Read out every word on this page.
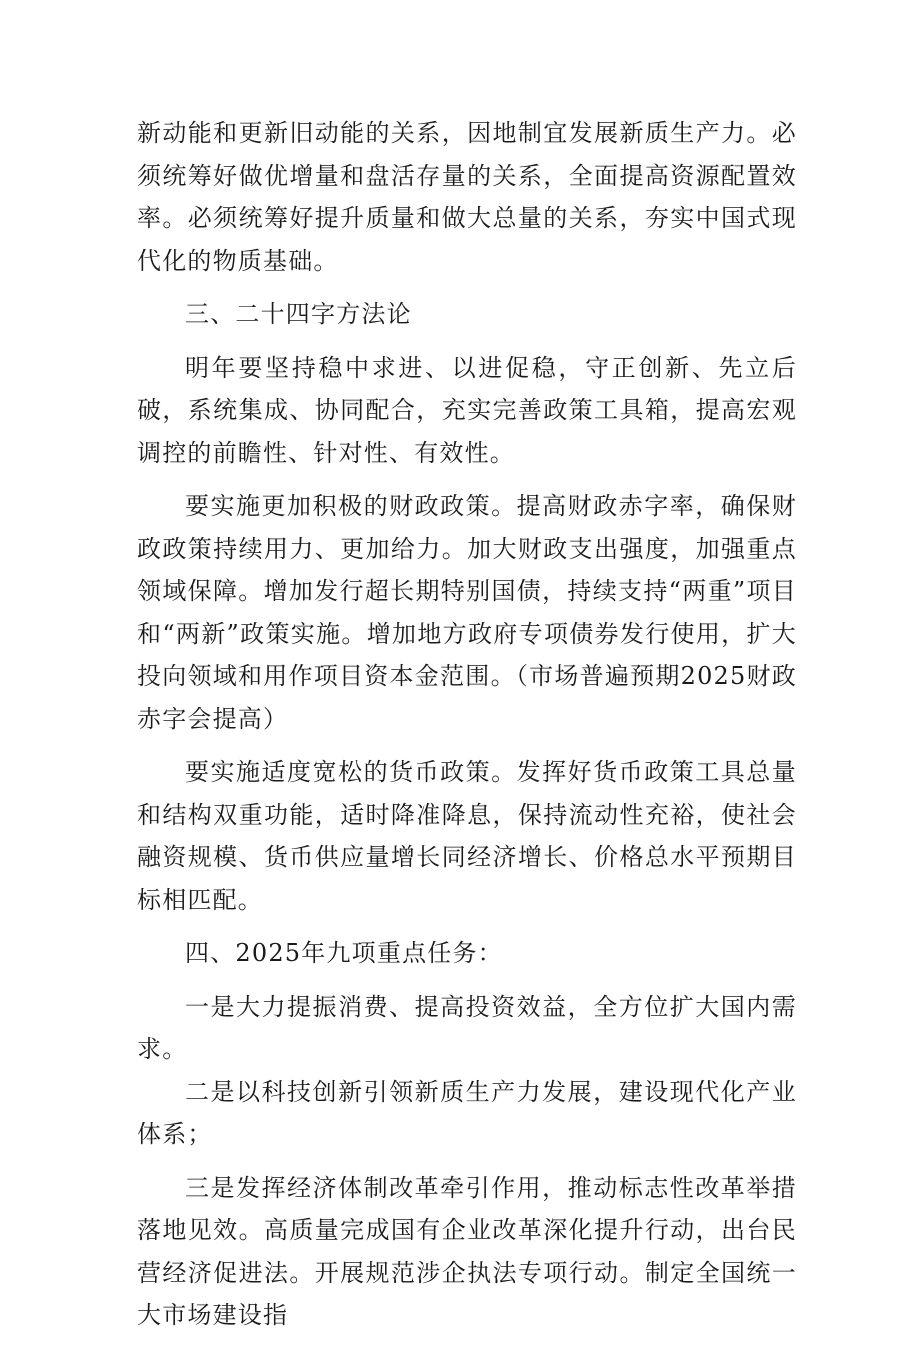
新动能和更新旧动能的关系，因地制宜发展新质生产力。必须统筹好做优增量和盘活存量的关系，全面提高资源配置效率。必须统筹好提升质量和做大总量的关系，夯实中国式现代化的物质基础。

三、二十四字方法论

明年要坚持稳中求进、以进促稳，守正创新、先立后破，系统集成、协同配合，充实完善政策工具箱，提高宏观调控的前瞻性、针对性、有效性。

要实施更加积极的财政政策。提高财政赤字率，确保财政政策持续用力、更加给力。加大财政支出强度，加强重点领域保障。增加发行超长期特别国债，持续支持“两重”项目和“两新”政策实施。增加地方政府专项债券发行使用，扩大投向领域和用作项目资本金范围。（市场普遍预期2025财政赤字会提高）

要实施适度宽松的货币政策。发挥好货币政策工具总量和结构双重功能，适时降准降息，保持流动性充裕，使社会融资规模、货币供应量增长同经济增长、价格总水平预期目标相匹配。

四、2025年九项重点任务：

一是大力提振消费、提高投资效益，全方位扩大国内需求。

二是以科技创新引领新质生产力发展，建设现代化产业体系；

三是发挥经济体制改革牵引作用，推动标志性改革举措落地见效。高质量完成国有企业改革深化提升行动，出台民营经济促进法。开展规范涉企执法专项行动。制定全国统一大市场建设指
